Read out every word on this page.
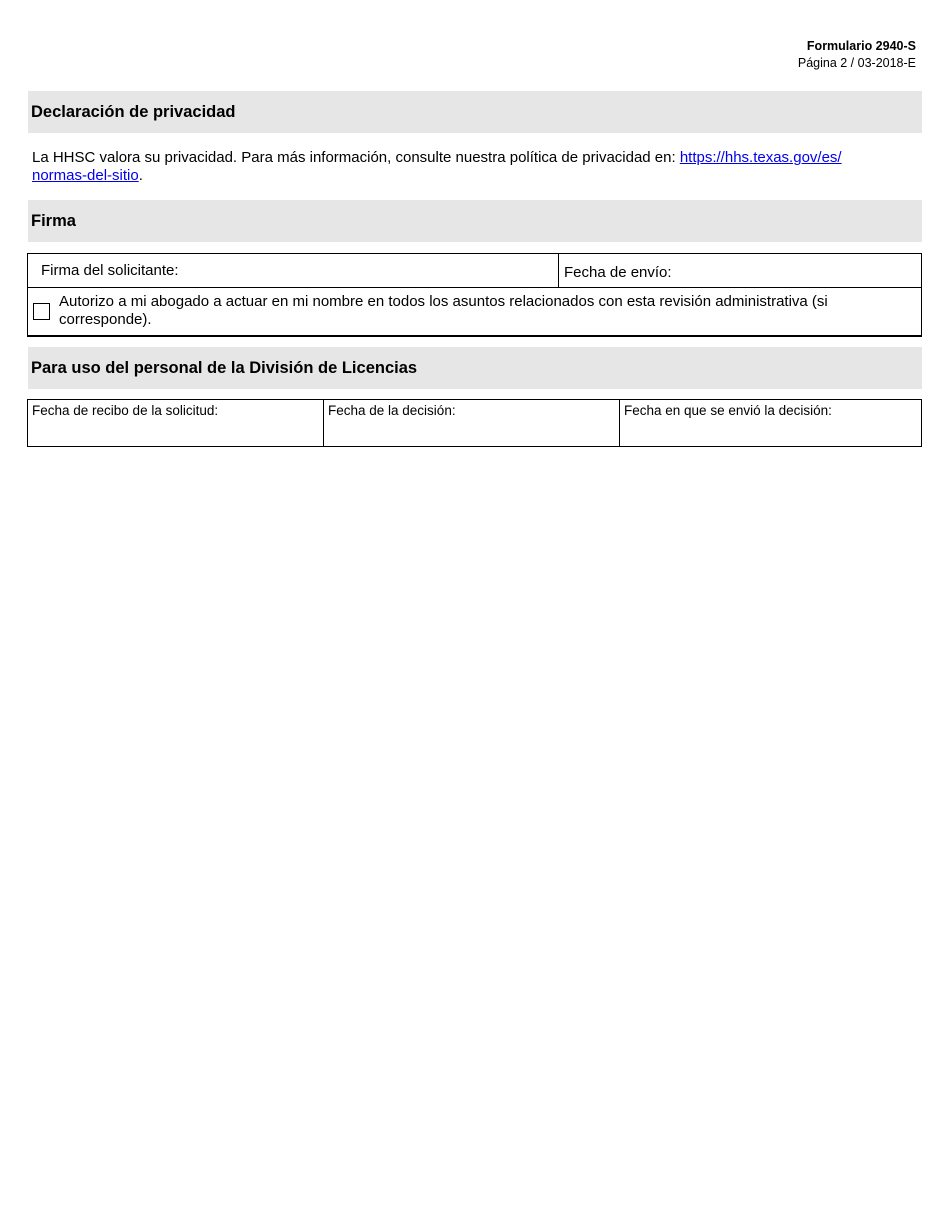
Formulario 2940-S
Página 2 / 03-2018-E
Declaración de privacidad
La HHSC valora su privacidad. Para más información, consulte nuestra política de privacidad en: https://hhs.texas.gov/es/
normas-del-sitio.
Firma
Firma del solicitante:	Fecha de envío:
Autorizo a mi abogado a actuar en mi nombre en todos los asuntos relacionados con esta revisión administrativa (si corresponde).
Para uso del personal de la División de Licencias
Fecha de recibo de la solicitud:	Fecha de la decisión:	Fecha en que se envió la decisión:
